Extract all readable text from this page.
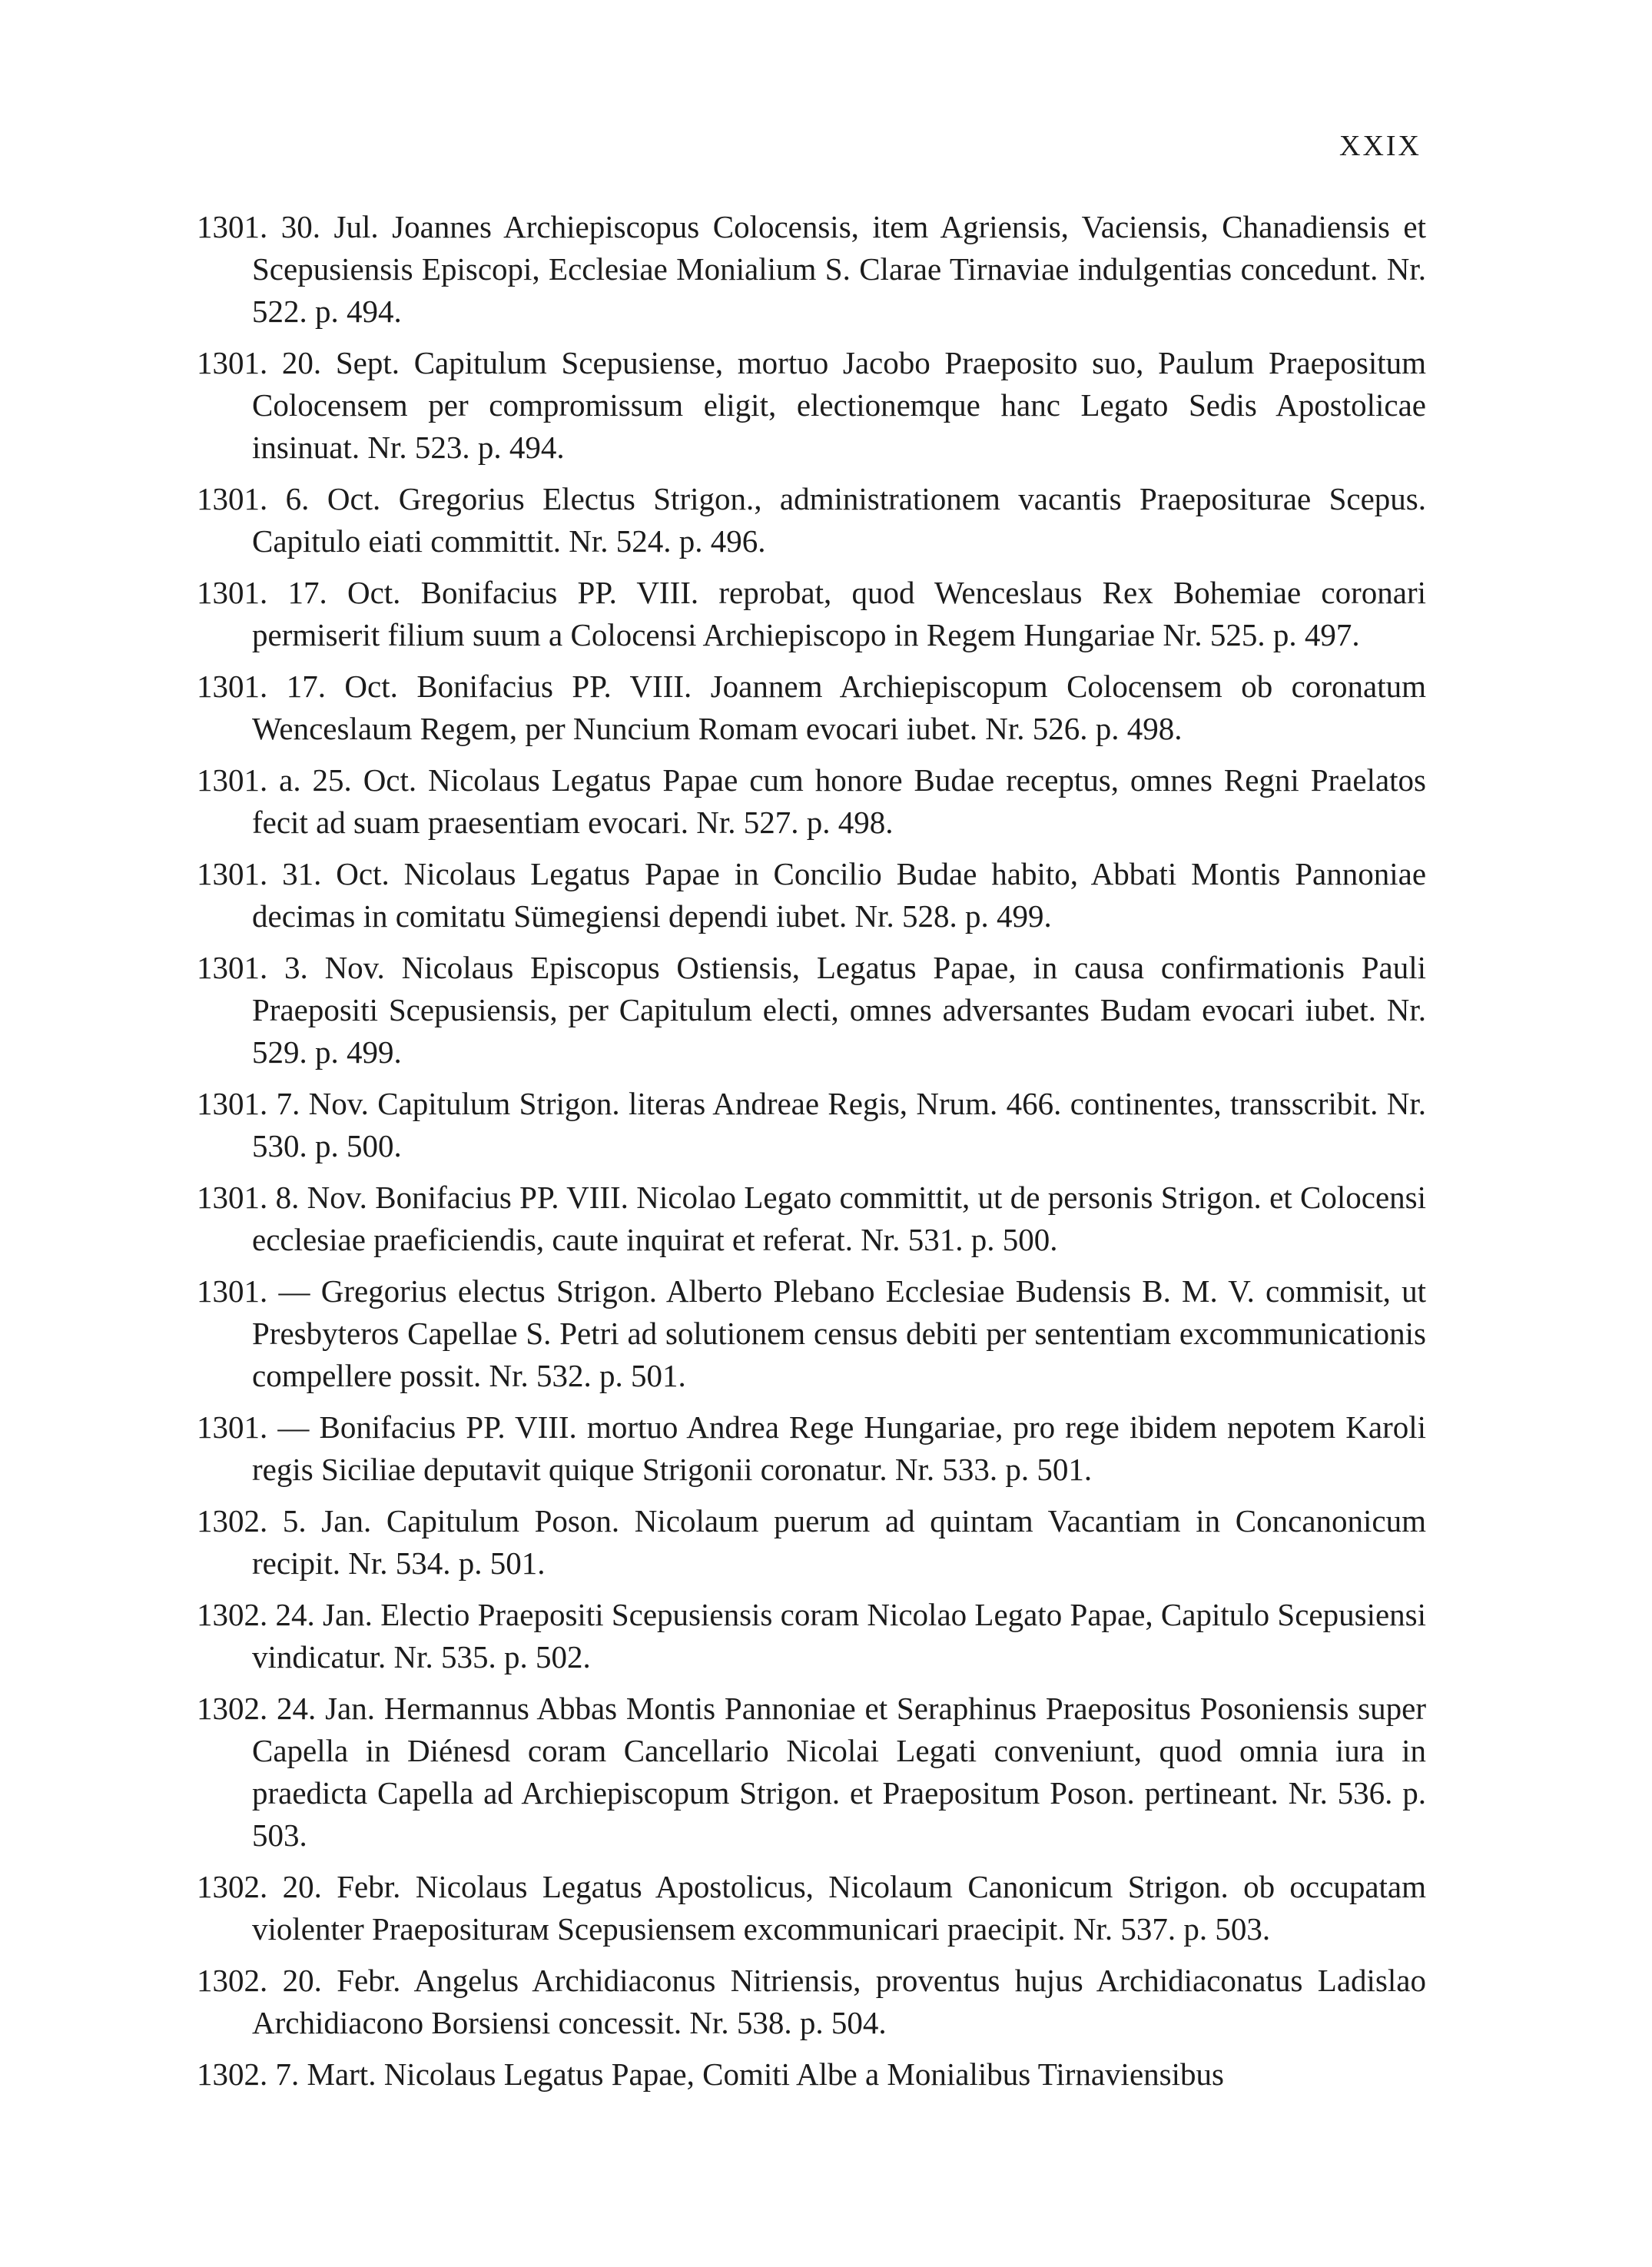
XXIX

1301. 30. Jul. Joannes Archiepiscopus Colocensis, item Agriensis, Vaciensis, Chanadiensis et Scepusiensis Episcopi, Ecclesiae Monialium S. Clarae Tirnaviae indulgentias concedunt. Nr. 522. p. 494.

1301. 20. Sept. Capitulum Scepusiense, mortuo Jacobo Praeposito suo, Paulum Praepositum Colocensem per compromissum eligit, electionemque hanc Legato Sedis Apostolicae insinuat. Nr. 523. p. 494.

1301. 6. Oct. Gregorius Electus Strigon., administrationem vacantis Praeposituraе Scepus. Capitulo eiati committit. Nr. 524. p. 496.

1301. 17. Oct. Bonifacius PP. VIII. reprobat, quod Wenceslaus Rex Bohemiae coronari permiserit filium suum a Colocensi Archiepiscopo in Regem Hungariae Nr. 525. p. 497.

1301. 17. Oct. Bonifacius PP. VIII. Joannem Archiepiscopum Colocensem ob coronatum Wenceslaum Regem, per Nuncium Romam evocari iubet. Nr. 526. p. 498.

1301. a. 25. Oct. Nicolaus Legatus Papae cum honore Budae receptus, omnes Regni Praelatos fecit ad suam praesentiam evocari. Nr. 527. p. 498.

1301. 31. Oct. Nicolaus Legatus Papae in Concilio Budae habito, Abbati Montis Pannoniae decimas in comitatu Sümegiensi dependi iubet. Nr. 528. p. 499.

1301. 3. Nov. Nicolaus Episcopus Ostiensis, Legatus Papae, in causa confirmationis Pauli Praepositi Scepusiensis, per Capitulum electi, omnes adversantes Budam evocari iubet. Nr. 529. p. 499.

1301. 7. Nov. Capitulum Strigon. literas Andreae Regis, Nrum. 466. continentes, transscribit. Nr. 530. p. 500.

1301. 8. Nov. Bonifacius PP. VIII. Nicolao Legato committit, ut de personis Strigon. et Colocensi ecclesiae praeficiendis, caute inquirat et referat. Nr. 531. p. 500.

1301. — Gregorius electus Strigon. Alberto Plebano Ecclesiae Budensis B. M. V. commisit, ut Presbyteros Capellae S. Petri ad solutionem census debiti per sententiam excommunicationis compellere possit. Nr. 532. p. 501.

1301. — Bonifacius PP. VIII. mortuo Andrea Rege Hungariae, pro rege ibidem nepotem Karoli regis Siciliae deputavit quique Strigonii coronatur. Nr. 533. p. 501.

1302. 5. Jan. Capitulum Poson. Nicolaum puerum ad quintam Vacantiam in Concanonicum recipit. Nr. 534. p. 501.

1302. 24. Jan. Electio Praepositi Scepusiensis coram Nicolao Legato Papae, Capitulo Scepusiensi vindicatur. Nr. 535. p. 502.

1302. 24. Jan. Hermannus Abbas Montis Pannoniae et Seraphinus Praepositus Posoniensis super Capella in Diénesd coram Cancellario Nicolai Legati conveniunt, quod omnia iura in praedicta Capella ad Archiepiscopum Strigon. et Praepositum Poson. pertineant. Nr. 536. p. 503.

1302. 20. Febr. Nicolaus Legatus Apostolicus, Nicolaum Canonicum Strigon. ob occupatam violenter Praepositurам Scepusiensem excommunicari praecipit. Nr. 537. p. 503.

1302. 20. Febr. Angelus Archidiaconus Nitriensis, proventus hujus Archidiaconatus Ladislao Archidiacono Borsiensi concessit. Nr. 538. p. 504.

1302. 7. Mart. Nicolaus Legatus Papae, Comiti Albe a Monialibus Tirnaviensibus
